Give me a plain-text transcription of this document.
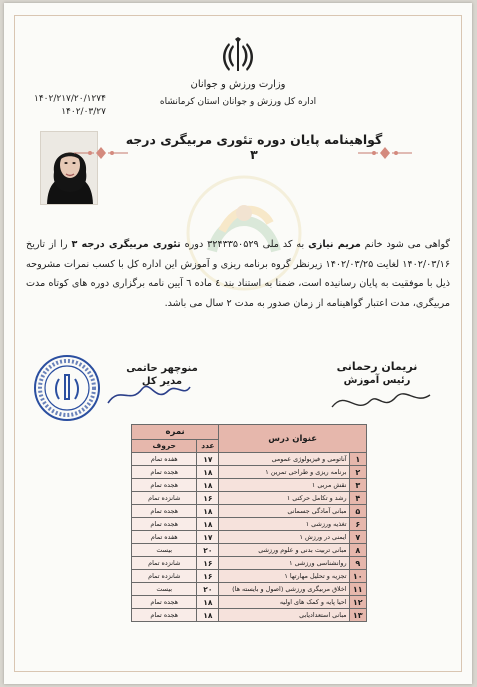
وزارت ورزش و جوانان
اداره کل ورزش و جوانان استان کرمانشاه
۱۴۰۲/۲۱۷/۲۰/۱۲۷۴
۱۴۰۲/۰۳/۲۷
گواهینامه پایان دوره تئوری مربیگری درجه ۳
گواهی می شود خانم مریم نیازی به کد ملی ۳۲۴۳۳۵۰۵۲۹ دوره تئوری مربیگری درجه ۳ را از تاریخ ۱۴۰۲/۰۳/۱۶ لغایت ۱۴۰۲/۰۳/۲۵ زیرنظر گروه برنامه ریزی و آموزش این اداره کل با کسب نمرات مشروحه ذیل با موفقیت به پایان رسانیده است، ضمنا به استناد بند ٤ ماده ٦ آیین نامه برگزاری دوره های کوتاه مدت مربیگری، مدت اعتبار گواهینامه از زمان صدور به مدت ۲ سال می باشد.
منوچهر حاتمی
مدیر کل
نریمان رحمانی
رئیس آموزش
عنوان درس		نمره	
		عدد	حروف
۱	آناتومی و فیزیولوژی عمومی	۱۷	هفده تمام
۲	برنامه ریزی و طراحی تمرین ۱	۱۸	هجده تمام
۳	نقش مربی ۱	۱۸	هجده تمام
۴	رشد و تکامل حرکتی ۱	۱۶	شانزده تمام
۵	مبانی آمادگی جسمانی	۱۸	هجده تمام
۶	تغذیه ورزشی ۱	۱۸	هجده تمام
۷	ایمنی در ورزش ۱	۱۷	هفده تمام
۸	مبانی تربیت بدنی و علوم ورزشی	۲۰	بیست
۹	روانشناسی ورزشی ۱	۱۶	شانزده تمام
۱۰	تجزیه و تحلیل مهارتها ۱	۱۶	شانزده تمام
۱۱	اخلاق مربیگری ورزشی (اصول و بایسته ها)	۲۰	بیست
۱۲	احیا پایه و کمک های اولیه	۱۸	هجده تمام
۱۳	مبانی استعدادیابی	۱۸	هجده تمام
